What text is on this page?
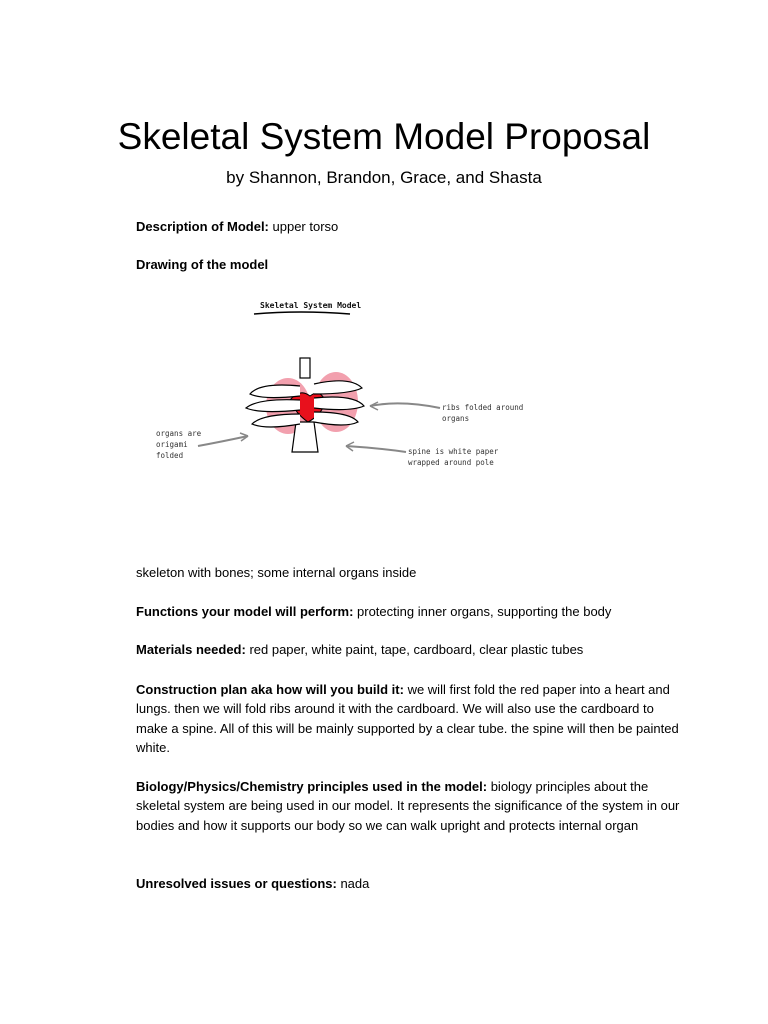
Skeletal System Model Proposal
by Shannon, Brandon, Grace, and Shasta
Description of Model: upper torso
Drawing of the model
Skeletal System Model
ribs folded around
organs
organs are
origami
folded	spine is white paper
wrapped around pole
skeleton with bones; some internal organs inside
Functions your model will perform: protecting inner organs, supporting the body
Materials needed: red paper, white paint, tape, cardboard, clear plastic tubes
Construction plan aka how will you build it: we will first fold the red paper into a heart and lungs. then we will fold ribs around it with the cardboard. We will also use the cardboard to make a spine. All of this will be mainly supported by a clear tube. the spine will then be painted white.
Biology/Physics/Chemistry principles used in the model: biology principles about the skeletal system are being used in our model. It represents the significance of the system in our bodies and how it supports our body so we can walk upright and protects internal organ
Unresolved issues or questions: nada
